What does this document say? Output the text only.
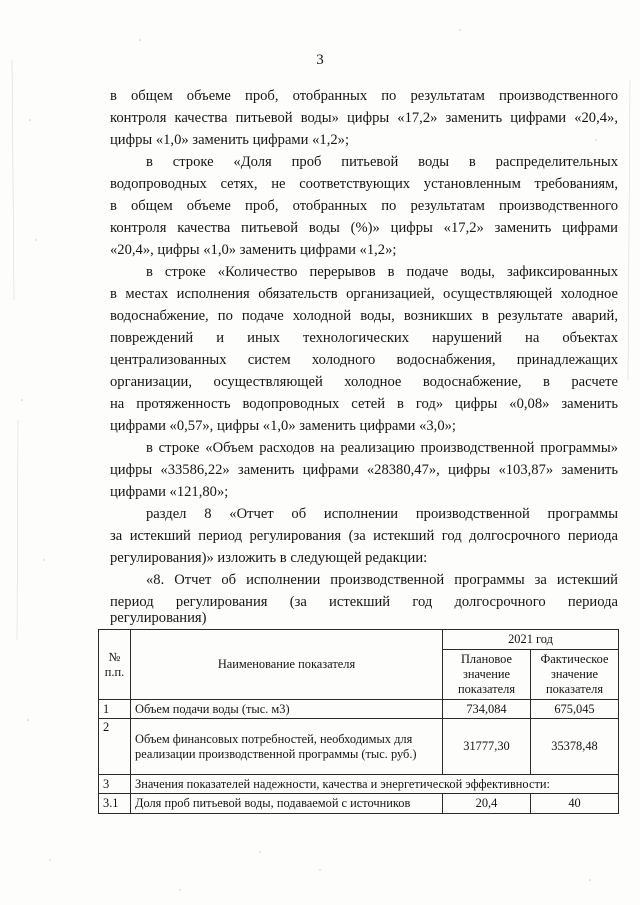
3
в общем объеме проб, отобранных по результатам производственного
контроля качества питьевой воды» цифры «17,2» заменить цифрами «20,4»,
цифры «1,0» заменить цифрами «1,2»;
в строке «Доля проб питьевой воды в распределительных
водопроводных сетях, не соответствующих установленным требованиям,
в общем объеме проб, отобранных по результатам производственного
контроля качества питьевой воды (%)» цифры «17,2» заменить цифрами
«20,4», цифры «1,0» заменить цифрами «1,2»;
в строке «Количество перерывов в подаче воды, зафиксированных
в местах исполнения обязательств организацией, осуществляющей холодное
водоснабжение, по подаче холодной воды, возникших в результате аварий,
повреждений и иных технологических нарушений на объектах
централизованных систем холодного водоснабжения, принадлежащих
организации, осуществляющей холодное водоснабжение, в расчете
на протяженность водопроводных сетей в год» цифры «0,08» заменить
цифрами «0,57», цифры «1,0» заменить цифрами «3,0»;
в строке «Объем расходов на реализацию производственной программы»
цифры «33586,22» заменить цифрами «28380,47», цифры «103,87» заменить
цифрами «121,80»;
раздел 8 «Отчет об исполнении производственной программы
за истекший период регулирования (за истекший год долгосрочного периода
регулирования)» изложить в следующей редакции:
«8. Отчет об исполнении производственной программы за истекший
период регулирования (за истекший год долгосрочного периода
регулирования)
№ п.п.	Наименование показателя	2021 год	
		Плановое значение показателя	Фактическое значение показателя
1	Объем подачи воды (тыс. м3)	734,084	675,045
2	Объем финансовых потребностей, необходимых для реализации производственной программы (тыс. руб.)	31777,30	35378,48
3	Значения показателей надежности, качества и энергетической эффективности:		
3.1	Доля проб питьевой воды, подаваемой с источников	20,4	40
